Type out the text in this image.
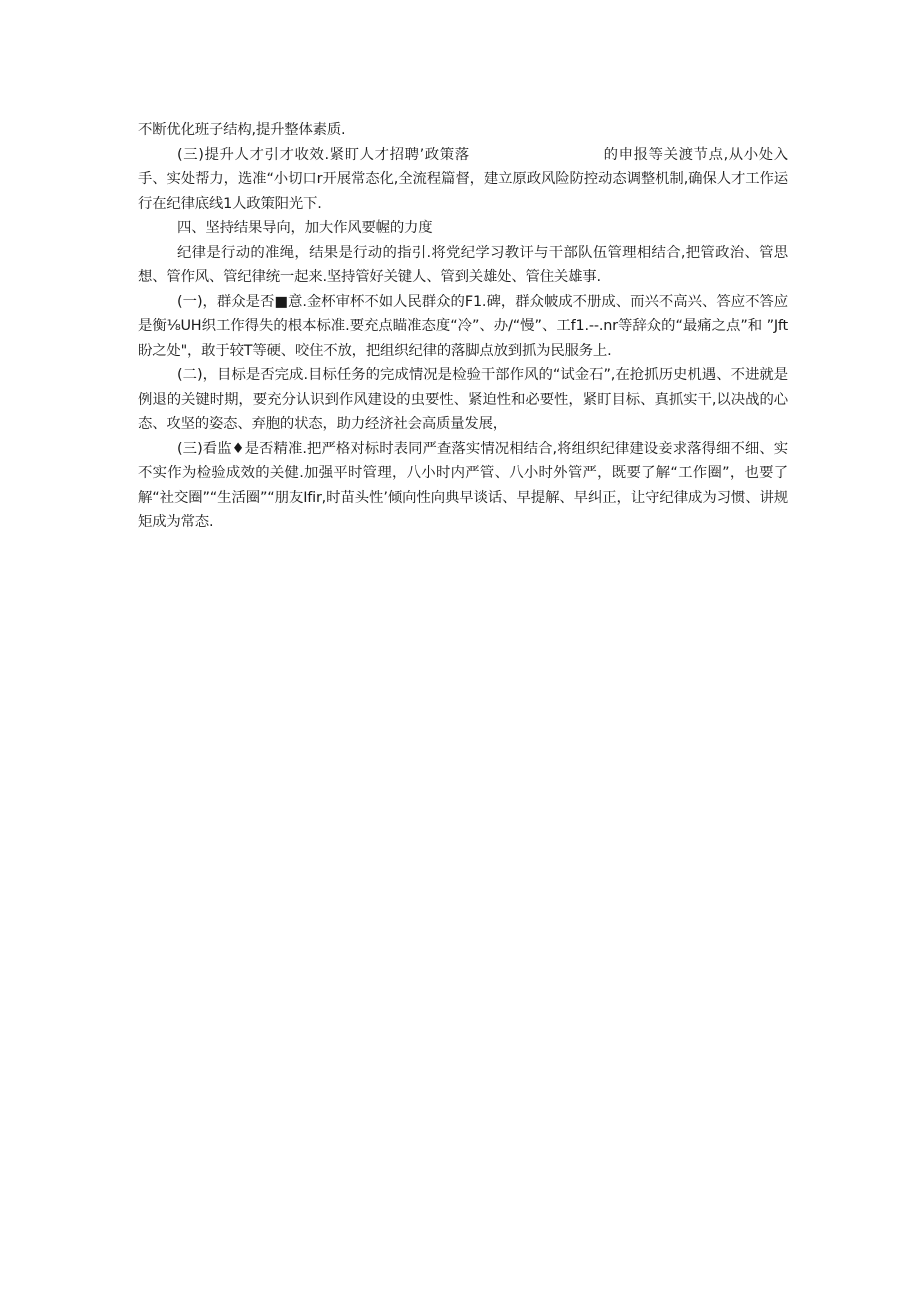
不断优化班子结构,提升整体素质.

(三)提升人才引才收效.紧盯人才招聘’政策落	的申报等关渡节点,从小处入手、实处帮力，选准“小切口r开展常态化,全流程篇督，建立原政风险防控动态调整机制,确保人才工作运行在纪律底线1人政策阳光下.

四、坚持结果导向，加大作风要幄的力度

纪律是行动的准绳，结果是行动的指引.将党纪学习教讦与干部队伍管理相结合,把管政治、管思想、管作风、管纪律统一起来.坚持管好关键人、管到关雄处、管住关雄事.

(一)，群众是否■意.金杯审杯不如人民群众的F1.碑，群众帔成不册成、而兴不高兴、答应不答应是衡⅛UH织工作得失的根本标准.要充点瞄准态度“冷”、办/“慢”、工f1.--.nr等辞众的“最痛之点”和 ”Jft盼之处"，敢于较T等硬、咬住不放，把组织纪律的落脚点放到抓为民服务上.

(二)，目标是否完成.目标任务的完成情况是检验干部作风的“试金石”,在抢抓历史机遇、不进就是例退的关键时期，要充分认识到作风建设的虫要性、紧迫性和必要性，紧盯目标、真抓实干,以决战的心态、攻坚的姿态、弃胞的状态，助力经济社会高质量发展，

(三)看监♦是否精准.把严格对标时表同严查落实情况相结合,将组织纪律建设妾求落得细不细、实不实作为检验成效的关健.加强平时管理，八小时内严管、八小时外管严，既要了解“工作圈”，也要了解“社交圈”“生活圈”“朋友Ifir,时苗头性’倾向性向典早谈话、早提解、早纠正，让守纪律成为习惯、讲规矩成为常态.
